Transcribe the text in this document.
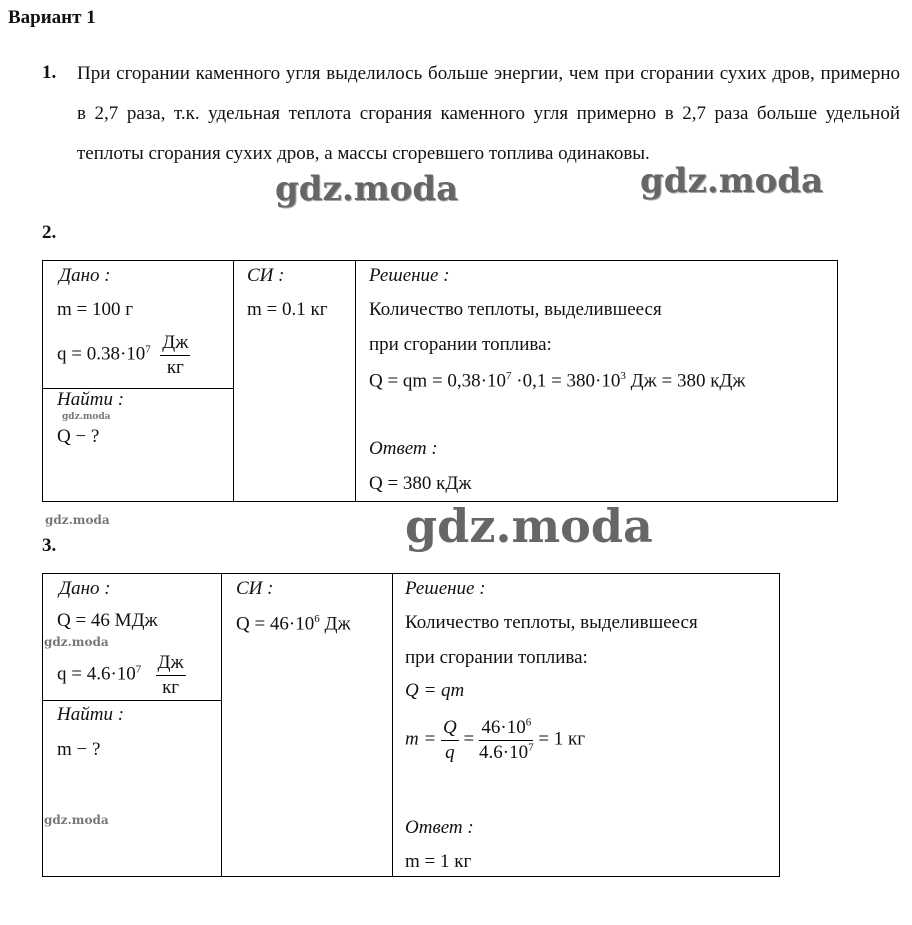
Вариант 1
1. При сгорании каменного угля выделилось больше энергии, чем при сгорании сухих дров, примерно в 2,7 раза, т.к. удельная теплота сгорания каменного угля примерно в 2,7 раза больше удельной теплоты сгорания сухих дров, а массы сгоревшего топлива одинаковы.
2.
Дано :
m = 100 г
$q = 0.38\cdot 10^7 \frac{Дж}{кг}$
Найти :
Q − ?
СИ :
m = 0.1 кг
Решение :
Количество теплоты, выделившееся
при сгорании топлива:
Q = qm = $0,38\cdot 10^7 \cdot 0,1 = 380\cdot 10^3$ Дж = 380 кДж
Ответ :
Q = 380 кДж
3.
Дано :
Q = 46 МДж
$q = 4.6\cdot 10^7 \frac{Дж}{кг}$
Найти :
m − ?
СИ :
$Q = 46\cdot 10^6$ Дж
Решение :
Количество теплоты, выделившееся
при сгорании топлива:
Q = qm
$m = \frac{Q}{q} = \frac{46\cdot 10^6}{4.6\cdot 10^7} = 1$ кг
Ответ :
m = 1 кг
gdz.moda	gdz.moda
gdz.moda
gdz.moda
gdz.moda
gdz.moda
gdz.moda
